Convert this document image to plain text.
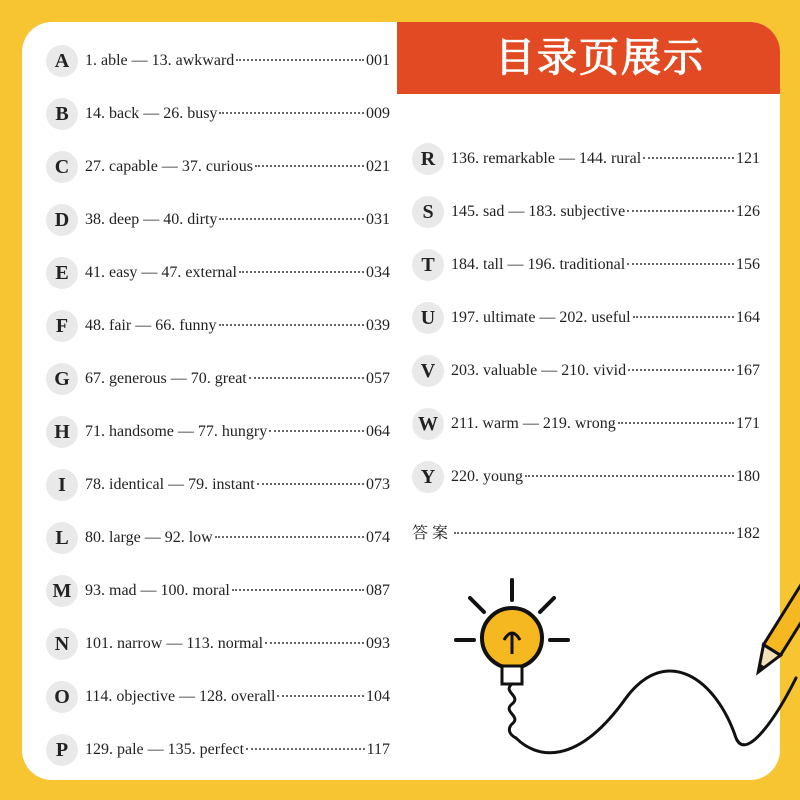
目录页展示
A 1. able — 13. awkward	001
B	14. back — 26. busy	009
C 27. capable — 37. curious	021
D 38. deep — 40. dirty	031
E	41. easy — 47. external	034
F	48. fair — 66. funny	039
G 67. generous — 70. great	057
H 71. handsome — 77. hungry	064
I	78. identical — 79. instant	073
L	80. large — 92. low	074
M 93. mad — 100. moral	087
N 101. narrow — 113. normal	093
O 114. objective — 128. overall	104
P	129. pale — 135. perfect	117
R 136. remarkable — 144. rural	121
S	145. sad — 183. subjective	126
T	184. tall — 196. traditional	156
U 197. ultimate — 202. useful	164
V 203. valuable — 210. vivid	167
W 211. warm — 219. wrong	171
Y 220. young	180
答案	182
